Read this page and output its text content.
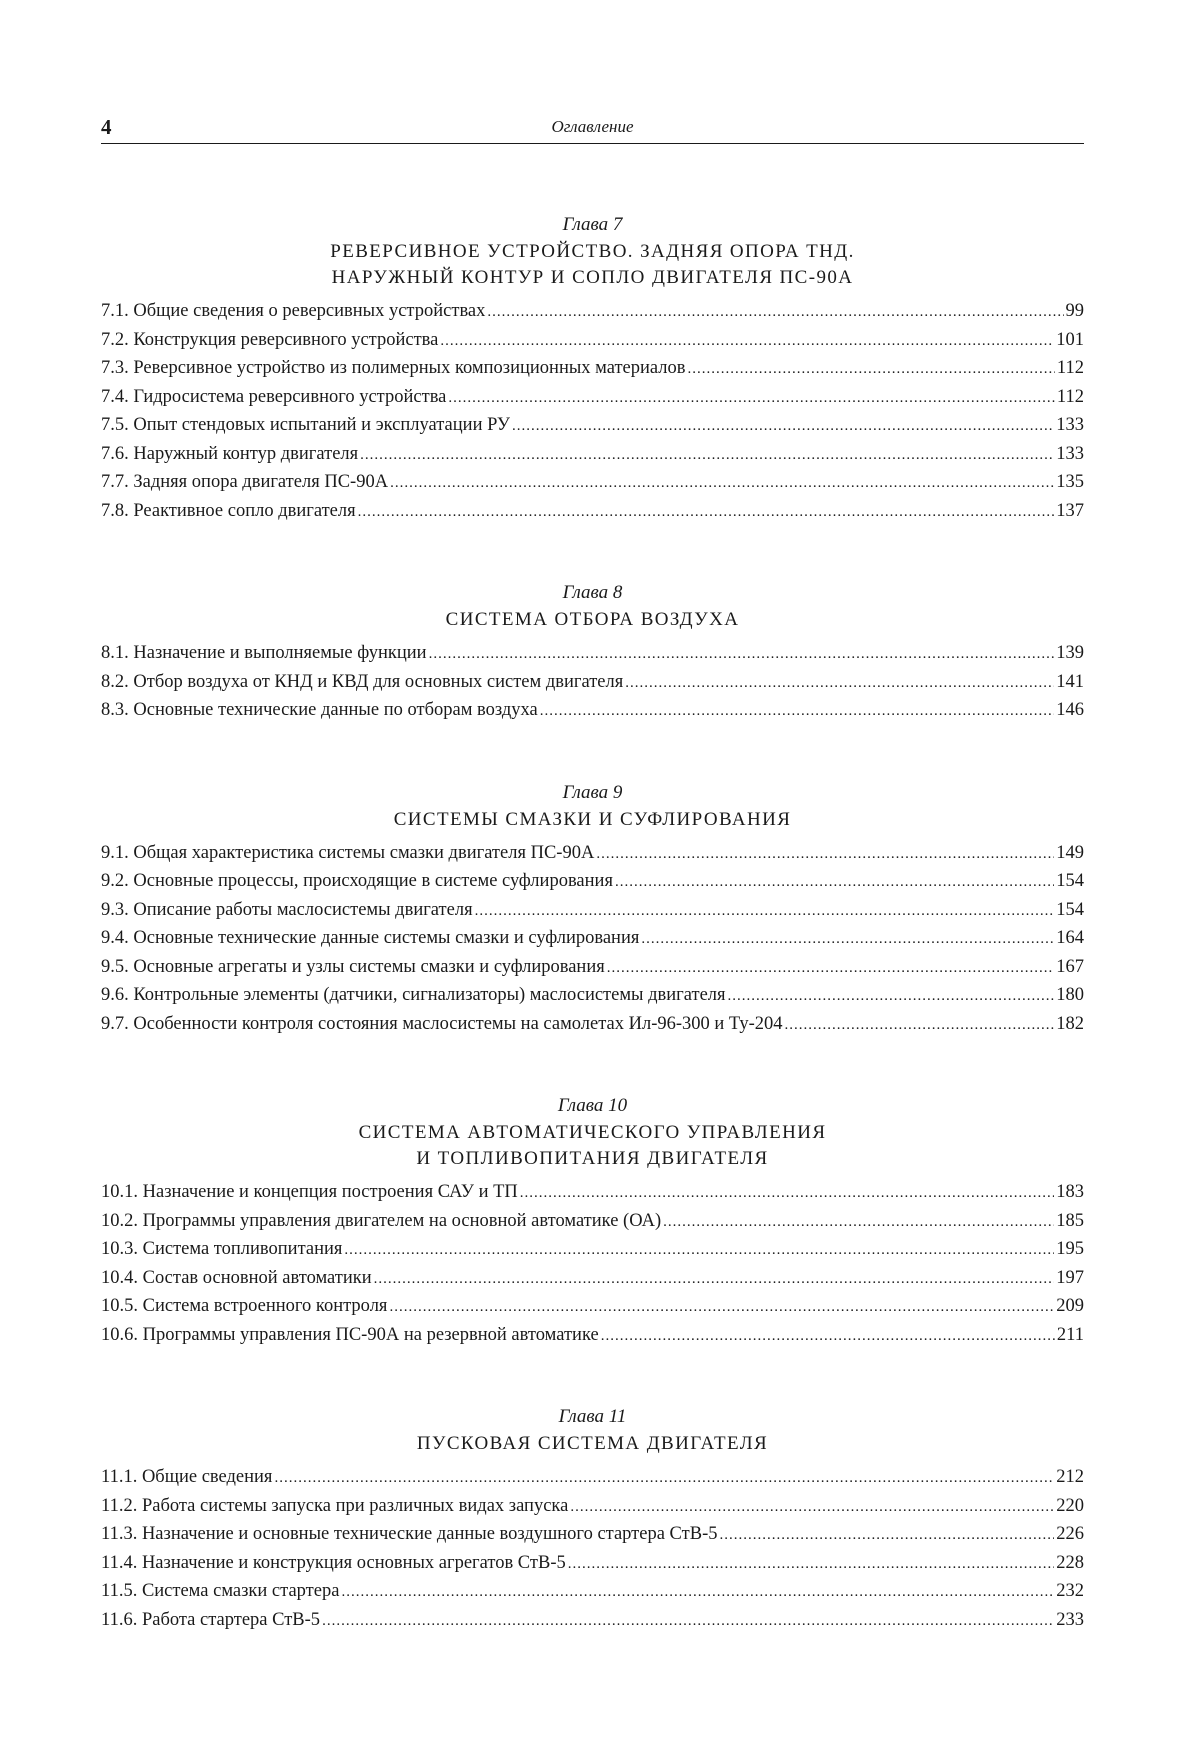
4	Оглавление
Глава 7
РЕВЕРСИВНОЕ УСТРОЙСТВО. ЗАДНЯЯ ОПОРА ТНД.
НАРУЖНЫЙ КОНТУР И СОПЛО ДВИГАТЕЛЯ ПС-90А
7.1. Общие сведения о реверсивных устройствах .....	99
7.2. Конструкция реверсивного устройства .....	101
7.3. Реверсивное устройство из полимерных композиционных материалов .....	112
7.4. Гидросистема реверсивного устройства .....	112
7.5. Опыт стендовых испытаний и эксплуатации РУ .....	133
7.6. Наружный контур двигателя .....	133
7.7. Задняя опора двигателя ПС-90А .....	135
7.8. Реактивное сопло двигателя .....	137
Глава 8
СИСТЕМА ОТБОРА ВОЗДУХА
8.1. Назначение и выполняемые функции .....	139
8.2. Отбор воздуха от КНД и КВД для основных систем двигателя .....	141
8.3. Основные технические данные по отборам воздуха .....	146
Глава 9
СИСТЕМЫ СМАЗКИ И СУФЛИРОВАНИЯ
9.1. Общая характеристика системы смазки двигателя ПС-90А .....	149
9.2. Основные процессы, происходящие в системе суфлирования .....	154
9.3. Описание работы маслосистемы двигателя .....	154
9.4. Основные технические данные системы смазки и суфлирования .....	164
9.5. Основные агрегаты и узлы системы смазки и суфлирования .....	167
9.6. Контрольные элементы (датчики, сигнализаторы) маслосистемы двигателя .....	180
9.7. Особенности контроля состояния маслосистемы на самолетах Ил-96-300 и Ту-204 .....	182
Глава 10
СИСТЕМА АВТОМАТИЧЕСКОГО УПРАВЛЕНИЯ
И ТОПЛИВОПИТАНИЯ ДВИГАТЕЛЯ
10.1. Назначение и концепция построения САУ и ТП .....	183
10.2. Программы управления двигателем на основной автоматике (ОА) .....	185
10.3. Система топливопитания .....	195
10.4. Состав основной автоматики .....	197
10.5. Система встроенного контроля .....	209
10.6. Программы управления ПС-90А на резервной автоматике .....	211
Глава 11
ПУСКОВАЯ СИСТЕМА ДВИГАТЕЛЯ
11.1. Общие сведения .....	212
11.2. Работа системы запуска при различных видах запуска .....	220
11.3. Назначение и основные технические данные воздушного стартера СтВ-5 .....	226
11.4. Назначение и конструкция основных агрегатов СтВ-5 .....	228
11.5. Система смазки стартера .....	232
11.6. Работа стартера СтВ-5 .....	233
